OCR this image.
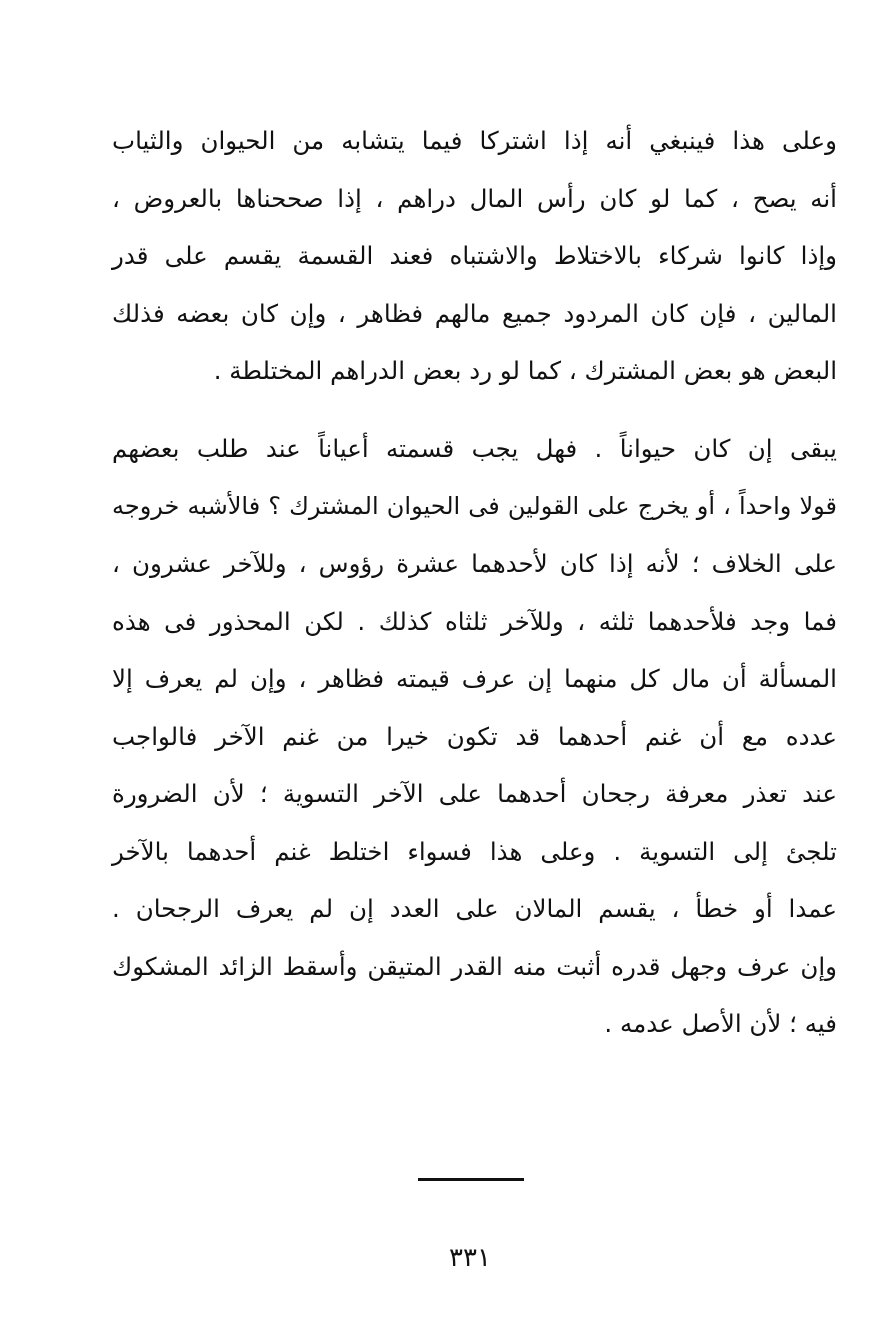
وعلى هذا فينبغي أنه إذا اشتركا فيما يتشابه من الحيوان والثياب
أنه يصح ، كما لو كان رأس المال دراهم ، إذا صححناها بالعروض ،
وإذا كانوا شركاء بالاختلاط والاشتباه فعند القسمة يقسم على قدر
المالين ، فإن كان المردود جميع مالهم فظاهر ، وإن كان بعضه فذلك
البعض هو بعض المشترك ، كما لو رد بعض الدراهم المختلطة .
يبقى إن كان حيواناً . فهل يجب قسمته أعياناً عند طلب بعضهم
قولا واحداً ، أو يخرج على القولين فى الحيوان المشترك ؟ فالأشبه خروجه
على الخلاف ؛ لأنه إذا كان لأحدهما عشرة رؤوس ، وللآخر عشرون ،
فما وجد فلأحدهما ثلثه ، وللآخر ثلثاه كذلك . لكن المحذور فى هذه
المسألة أن مال كل منهما إن عرف قيمته فظاهر ، وإن لم يعرف إلا
عدده مع أن غنم أحدهما قد تكون خيرا من غنم الآخر فالواجب
عند تعذر معرفة رجحان أحدهما على الآخر التسوية ؛ لأن الضرورة
تلجئ إلى التسوية . وعلى هذا فسواء اختلط غنم أحدهما بالآخر
عمدا أو خطأ ، يقسم المالان على العدد إن لم يعرف الرجحان .
وإن عرف وجهل قدره أثبت منه القدر المتيقن وأسقط الزائد المشكوك
فيه ؛ لأن الأصل عدمه .
٣٣١
